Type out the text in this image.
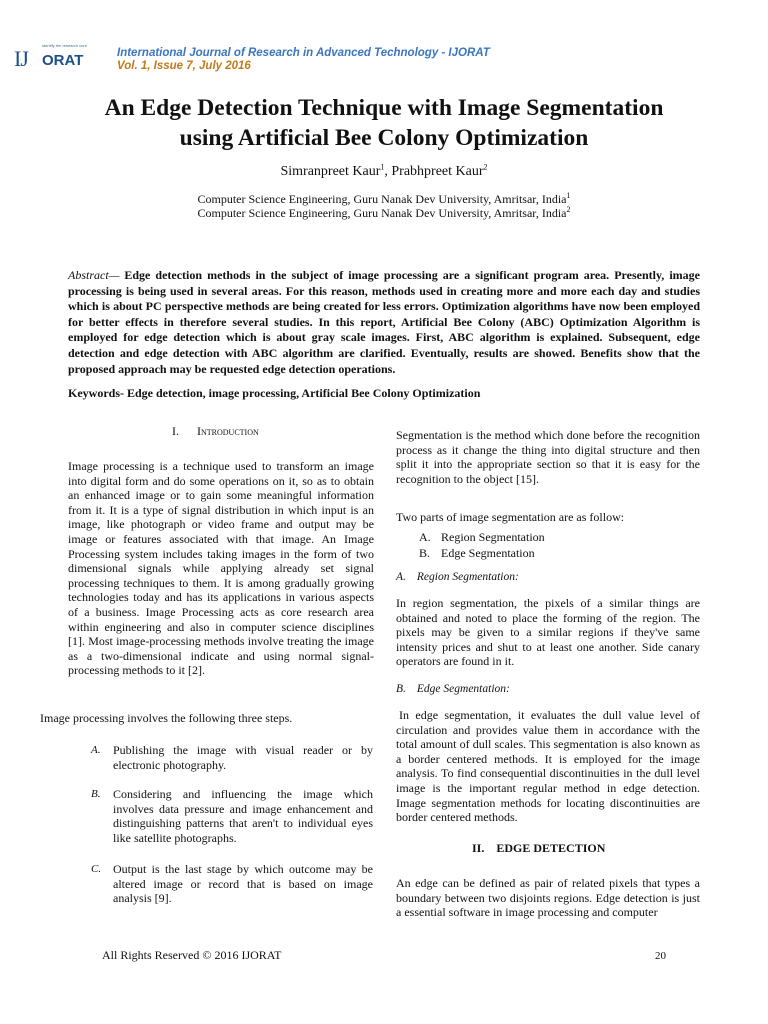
IJ
identify the research core
ORAT	International Journal of Research in Advanced Technology - IJORAT
Vol. 1, Issue 7, July 2016
An Edge Detection Technique with Image Segmentation
using Artificial Bee Colony Optimization
Simranpreet Kaur$^1$, Prabhpreet Kaur$^2$
Computer Science Engineering, Guru Nanak Dev University, Amritsar, India$^1$
Computer Science Engineering, Guru Nanak Dev University, Amritsar, India$^2$
Abstract— Edge detection methods in the subject of image processing are a significant program area. Presently, image processing is being used in several areas. For this reason, methods used in creating more and more each day and studies which is about PC perspective methods are being created for less errors. Optimization algorithms have now been employed for better effects in therefore several studies. In this report, Artificial Bee Colony (ABC) Optimization Algorithm is employed for edge detection which is about gray scale images. First, ABC algorithm is explained. Subsequent, edge detection and edge detection with ABC algorithm are clarified. Eventually, results are showed. Benefits show that the proposed approach may be requested edge detection operations.
Keywords- Edge detection, image processing, Artificial Bee Colony Optimization
I. Introduction
Image processing is a technique used to transform an image into digital form and do some operations on it, so as to obtain an enhanced image or to gain some meaningful information from it. It is a type of signal distribution in which input is an image, like photograph or video frame and output may be image or features associated with that image. An Image Processing system includes taking images in the form of two dimensional signals while applying already set signal processing techniques to them. It is among gradually growing technologies today and has its applications in various aspects of a business. Image Processing acts as core research area within engineering and also in computer science disciplines [1]. Most image-processing methods involve treating the image as a two-dimensional indicate and using normal signal-processing methods to it [2].
Image processing involves the following three steps.
A. Publishing the image with visual reader or by electronic photography.
B. Considering and influencing the image which involves data pressure and image enhancement and distinguishing patterns that aren't to individual eyes like satellite photographs.
C. Output is the last stage by which outcome may be altered image or record that is based on image analysis [9].
Segmentation is the method which done before the recognition process as it change the thing into digital structure and then split it into the appropriate section so that it is easy for the recognition to the object [15].
Two parts of image segmentation are as follow:
A. Region Segmentation
B. Edge Segmentation
A. Region Segmentation:
In region segmentation, the pixels of a similar things are obtained and noted to place the forming of the region. The pixels may be given to a similar regions if they've same intensity prices and shut to at least one another. Side canary operators are found in it.
B. Edge Segmentation:
In edge segmentation, it evaluates the dull value level of circulation and provides value them in accordance with the total amount of dull scales. This segmentation is also known as a border centered methods. It is employed for the image analysis. To find consequential discontinuities in the dull level image is the important regular method in edge detection. Image segmentation methods for locating discontinuities are border centered methods.
II. EDGE DETECTION
An edge can be defined as pair of related pixels that types a boundary between two disjoints regions. Edge detection is just a essential software in image processing and computer
All Rights Reserved © 2016 IJORAT	20
